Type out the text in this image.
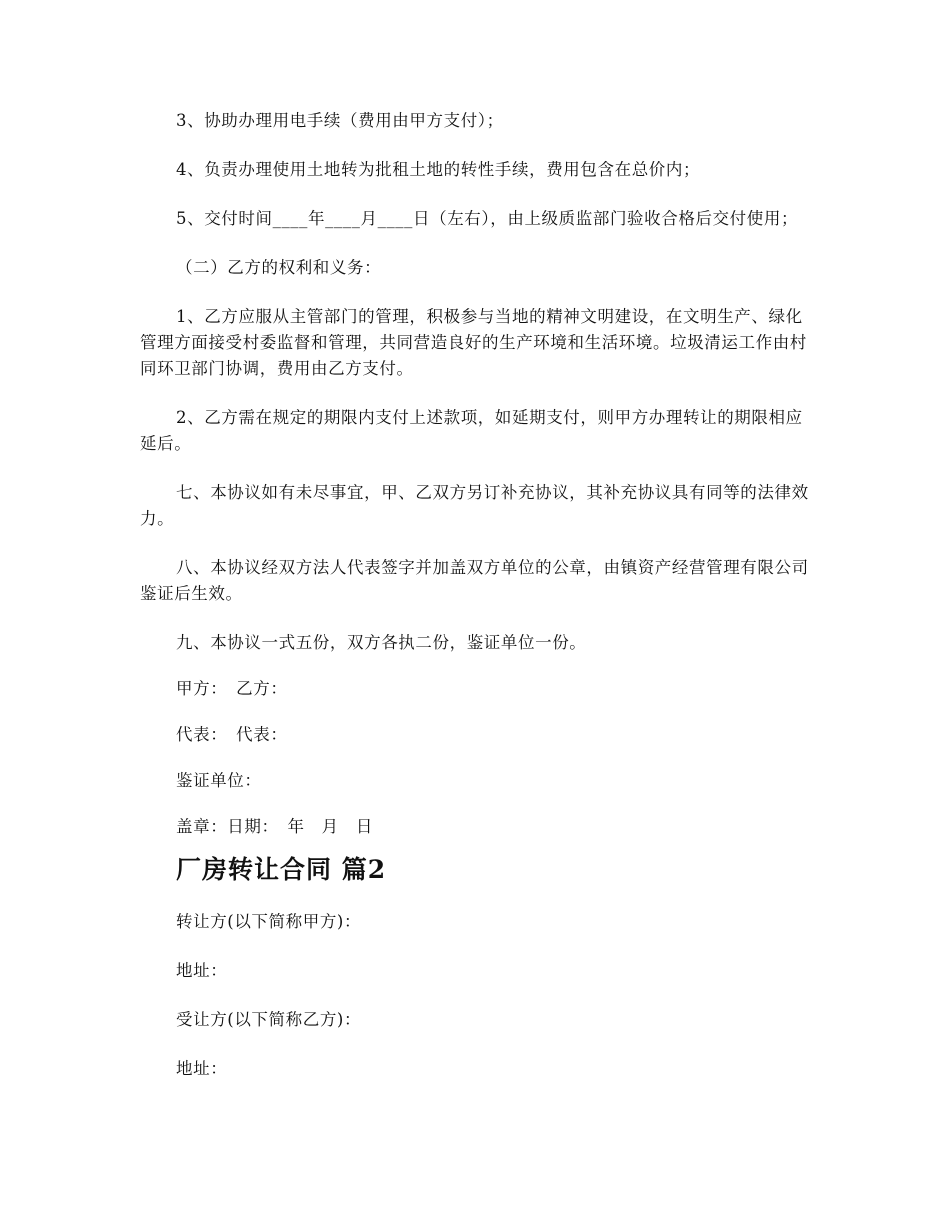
3、协助办理用电手续（费用由甲方支付）；

4、负责办理使用土地转为批租土地的转性手续，费用包含在总价内；

5、交付时间____年____月____日（左右），由上级质监部门验收合格后交付使用；

（二）乙方的权利和义务：

1、乙方应服从主管部门的管理，积极参与当地的精神文明建设，在文明生产、绿化管理方面接受村委监督和管理，共同营造良好的生产环境和生活环境。垃圾清运工作由村同环卫部门协调，费用由乙方支付。

2、乙方需在规定的期限内支付上述款项，如延期支付，则甲方办理转让的期限相应延后。

七、本协议如有未尽事宜，甲、乙双方另订补充协议，其补充协议具有同等的法律效力。

八、本协议经双方法人代表签字并加盖双方单位的公章，由镇资产经营管理有限公司鉴证后生效。

九、本协议一式五份，双方各执二份，鉴证单位一份。

甲方：　乙方：

代表：　代表：

鉴证单位：

盖章：日期：　年　月　日

厂房转让合同 篇2

转让方(以下简称甲方)：

地址：

受让方(以下简称乙方)：

地址：
